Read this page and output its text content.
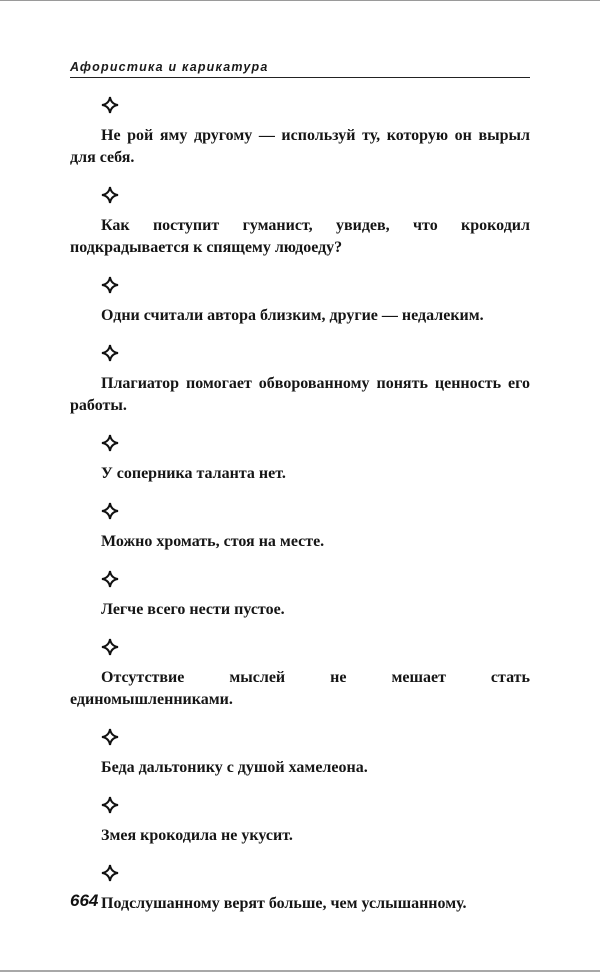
Афористика и карикатура

Не рой яму другому — используй ту, которую он вырыл для себя.

Как поступит гуманист, увидев, что крокодил подкрадывается к спящему людоеду?

Одни считали автора близким, другие — недалеким.

Плагиатор помогает обворованному понять ценность его работы.

У соперника таланта нет.

Можно хромать, стоя на месте.

Легче всего нести пустое.

Отсутствие мыслей не мешает стать единомышленниками.

Беда дальтонику с душой хамелеона.

Змея крокодила не укусит.

Подслушанному верят больше, чем услышанному.

664
